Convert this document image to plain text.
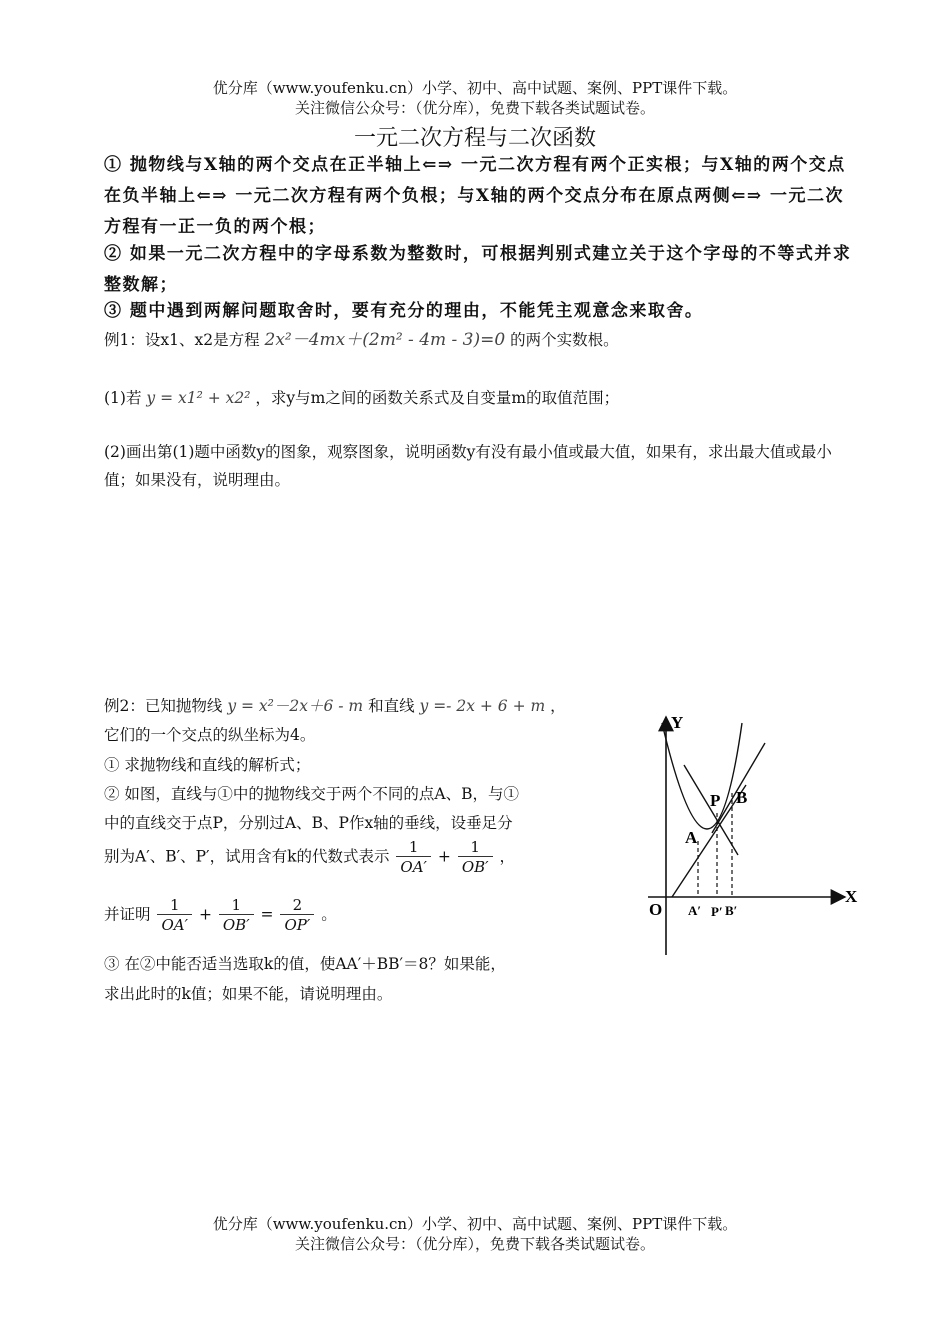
优分库（www.youfenku.cn）小学、初中、高中试题、案例、PPT课件下载。
关注微信公众号：（优分库），免费下载各类试题试卷。
一元二次方程与二次函数
① 抛物线与X轴的两个交点在正半轴上⇐⇒ 一元二次方程有两个正实根；与X轴的两个交点在负半轴上⇐⇒ 一元二次方程有两个负根；与X轴的两个交点分布在原点两侧⇐⇒ 一元二次方程有一正一负的两个根；
② 如果一元二次方程中的字母系数为整数时，可根据判别式建立关于这个字母的不等式并求整数解；
③ 题中遇到两解问题取舍时，要有充分的理由，不能凭主观意念来取舍。
例1：设x1、x2是方程 2x²－4mx＋(2m² - 4m - 3)=0 的两个实数根。
(1)若 y = x1² + x2² ，求y与m之间的函数关系式及自变量m的取值范围；
(2)画出第(1)题中函数y的图象，观察图象，说明函数y有没有最小值或最大值，如果有，求出最大值或最小值；如果没有，说明理由。
例2：已知抛物线 y = x²－2x＋6 - m 和直线 y =- 2x + 6 + m ，
它们的一个交点的纵坐标为4。
① 求抛物线和直线的解析式；
② 如图，直线与①中的抛物线交于两个不同的点A、B，与①
中的直线交于点P，分别过A、B、P作x轴的垂线，设垂足分
别为A′、B′、P′，试用含有k的代数式表示 $\frac{1}{OA'} + \frac{1}{OB'}$ ，
并证明 $\frac{1}{OA'} + \frac{1}{OB'} = \frac{2}{OP'}$ 。
③ 在②中能否适当选取k的值，使AA′＋BB′＝8？如果能，
求出此时的k值；如果不能，请说明理由。
Y
X
O
A
P B
A′ P′ B′
优分库（www.youfenku.cn）小学、初中、高中试题、案例、PPT课件下载。
关注微信公众号：（优分库），免费下载各类试题试卷。
